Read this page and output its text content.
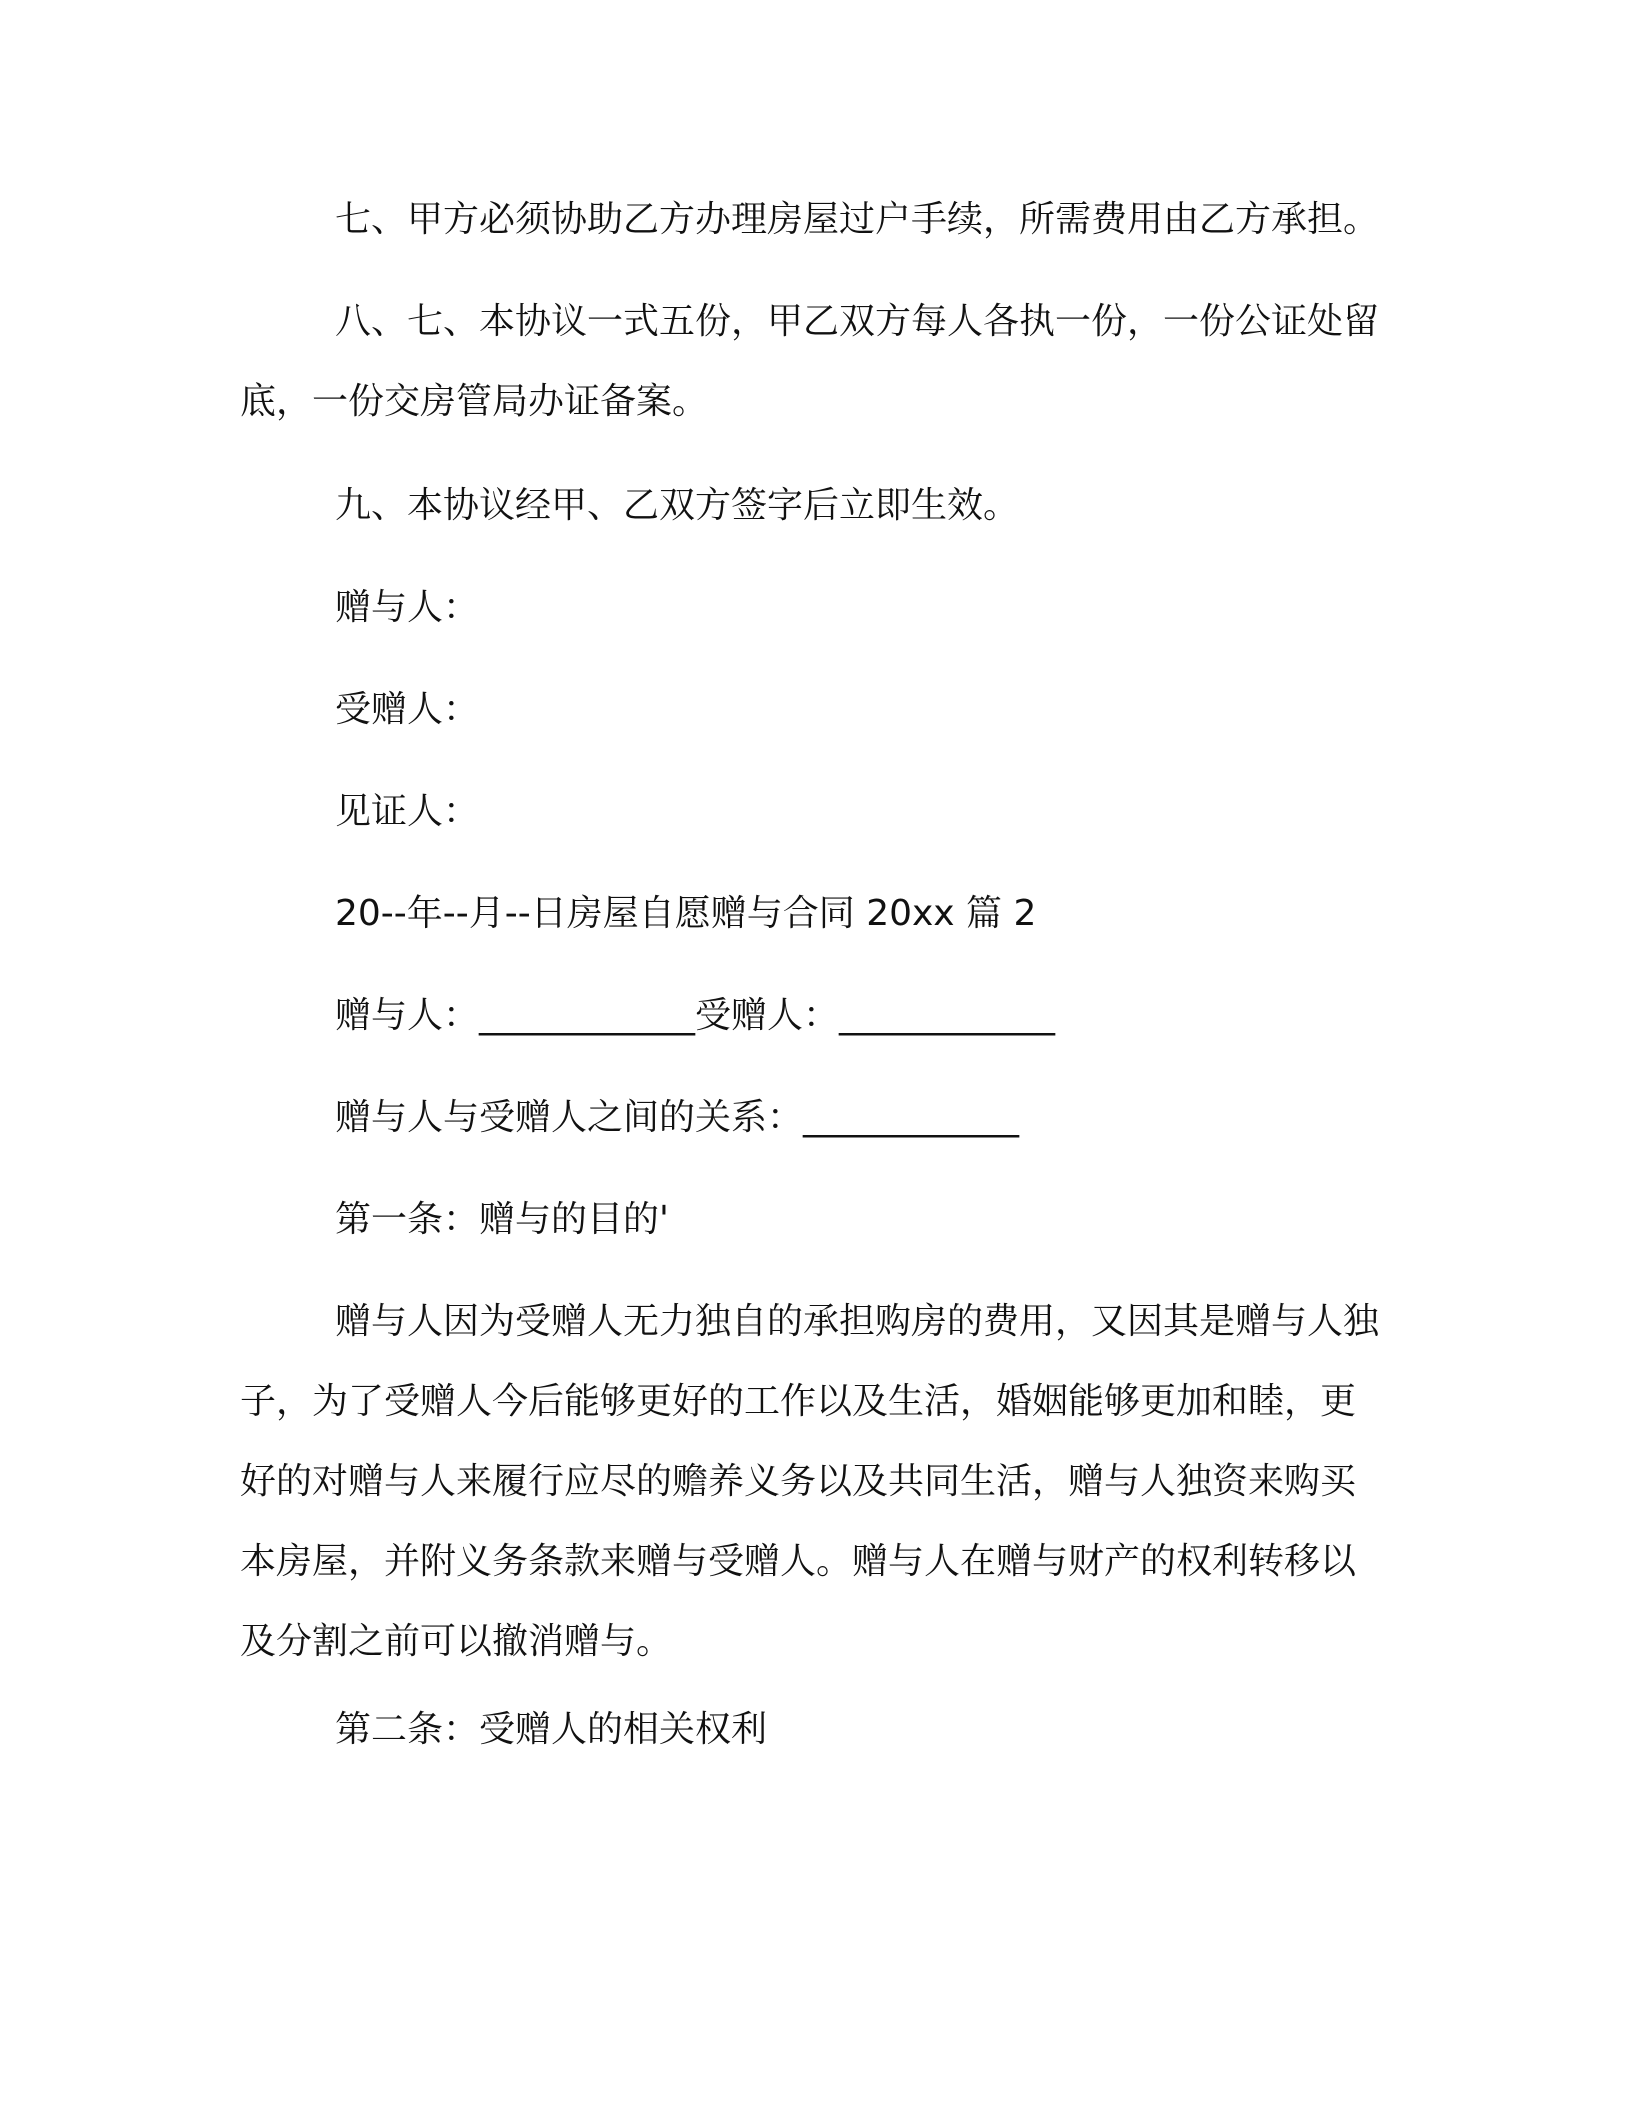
七、甲方必须协助乙方办理房屋过户手续，所需费用由乙方承担。

八、七、本协议一式五份，甲乙双方每人各执一份，一份公证处留底，一份交房管局办证备案。

九、本协议经甲、乙双方签字后立即生效。

赠与人：

受赠人：

见证人：

20--年--月--日房屋自愿赠与合同 20xx 篇 2

赠与人：____________受赠人：____________

赠与人与受赠人之间的关系：____________

第一条：赠与的目的'

赠与人因为受赠人无力独自的承担购房的费用，又因其是赠与人独子，为了受赠人今后能够更好的工作以及生活，婚姻能够更加和睦，更好的对赠与人来履行应尽的赡养义务以及共同生活，赠与人独资来购买本房屋，并附义务条款来赠与受赠人。赠与人在赠与财产的权利转移以及分割之前可以撤消赠与。

第二条：受赠人的相关权利
